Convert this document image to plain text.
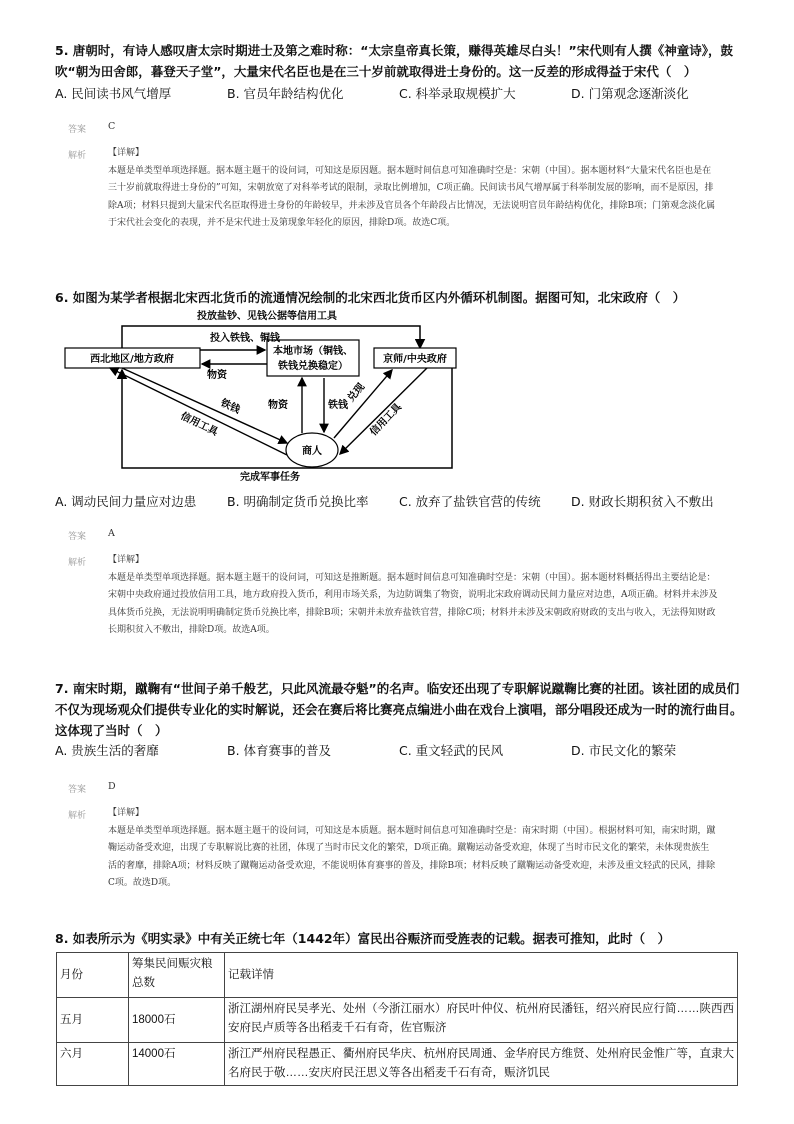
5. 唐朝时，有诗人感叹唐太宗时期进士及第之难时称：“太宗皇帝真长策，赚得英雄尽白头！”宋代则有人撰《神童诗》，鼓吹“朝为田舍郎，暮登天子堂”，大量宋代名臣也是在三十岁前就取得进士身份的。这一反差的形成得益于宋代（　）

A. 民间读书风气增厚	B. 官员年龄结构优化	C. 科举录取规模扩大	D. 门第观念逐渐淡化
答案 C
解析 【详解】
本题是单类型单项选择题。据本题主题干的设问词，可知这是原因题。据本题时间信息可知准确时空是：宋朝（中国）。据本题材料“大量宋代名臣也是在三十岁前就取得进士身份的”可知，宋朝放宽了对科举考试的限制，录取比例增加，C项正确。民间读书风气增厚属于科举制发展的影响，而不是原因，排除A项；材料只提到大量宋代名臣取得进士身份的年龄较早，并未涉及官员各个年龄段占比情况，无法说明官员年龄结构优化，排除B项；门第观念淡化属于宋代社会变化的表现，并不是宋代进士及第现象年轻化的原因，排除D项。故选C项。

6. 如图为某学者根据北宋西北货币的流通情况绘制的北宋西北货币区内外循环机制图。据图可知，北宋政府（　）

投放盐钞、见钱公据等信用工具
西北地区/地方政府
本地市场（铜钱、
铁钱兑换稳定）
京师/中央政府
投入铁钱、铜钱
物资
商人
物资	铁钱
铁钱
信用工具
兑现
信用工具
完成军事任务
A. 调动民间力量应对边患 B. 明确制定货币兑换比率 C. 放弃了盐铁官营的传统 D. 财政长期积贫入不敷出
答案 A
解析 【详解】
本题是单类型单项选择题。据本题主题干的设问词，可知这是推断题。据本题时间信息可知准确时空是：宋朝（中国）。据本题材料概括得出主要结论是：宋朝中央政府通过投放信用工具，地方政府投入货币，利用市场关系，为边防调集了物资，说明北宋政府调动民间力量应对边患，A项正确。材料并未涉及具体货币兑换，无法说明明确制定货币兑换比率，排除B项；宋朝并未放弃盐铁官营，排除C项；材料并未涉及宋朝政府财政的支出与收入，无法得知财政长期积贫入不敷出，排除D项。故选A项。

7. 南宋时期，蹴鞠有“世间子弟千般艺，只此风流最夺魁”的名声。临安还出现了专职解说蹴鞠比赛的社团。该社团的成员们不仅为现场观众们提供专业化的实时解说，还会在赛后将比赛亮点编进小曲在戏台上演唱，部分唱段还成为一时的流行曲目。这体现了当时（　）

A. 贵族生活的奢靡	B. 体育赛事的普及	C. 重文轻武的民风	D. 市民文化的繁荣
答案 D
解析 【详解】
本题是单类型单项选择题。据本题主题干的设问词，可知这是本质题。据本题时间信息可知准确时空是：南宋时期（中国）。根据材料可知，南宋时期，蹴鞠运动备受欢迎，出现了专职解说比赛的社团，体现了当时市民文化的繁荣，D项正确。蹴鞠运动备受欢迎，体现了当时市民文化的繁荣，未体现贵族生活的奢靡，排除A项；材料反映了蹴鞠运动备受欢迎，不能说明体育赛事的普及，排除B项；材料反映了蹴鞠运动备受欢迎，未涉及重文轻武的民风，排除C项。故选D项。

8. 如表所示为《明实录》中有关正统七年（1442年）富民出谷赈济而受旌表的记载。据表可推知，此时（　）

月份	筹集民间赈灾粮总数	记载详情
五月	18000石	浙江湖州府民吴孝光、处州（今浙江丽水）府民叶仲仪、杭州府民潘钰，绍兴府民应行简……陕西西安府民卢质等各出稻麦千石有奇，佐官赈济
六月	14000石	浙江严州府民程愚正、衢州府民华庆、杭州府民周通、金华府民方维贤、处州府民金惟广等，直隶大名府民于敬……安庆府民汪思义等各出稻麦千石有奇，赈济饥民
